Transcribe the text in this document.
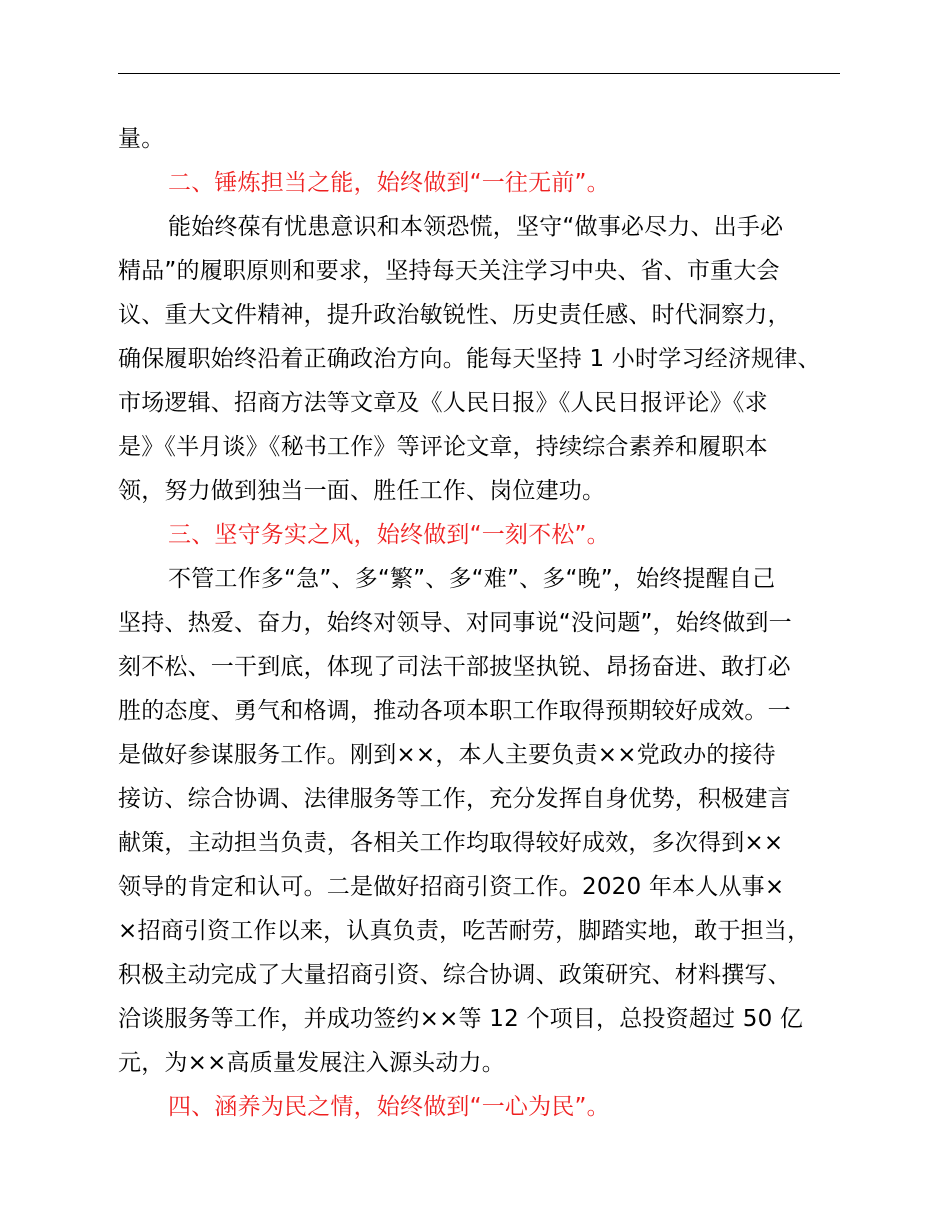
量。
二、锤炼担当之能，始终做到“一往无前”。
能始终葆有忧患意识和本领恐慌，坚守“做事必尽力、出手必
精品”的履职原则和要求，坚持每天关注学习中央、省、市重大会
议、重大文件精神，提升政治敏锐性、历史责任感、时代洞察力，
确保履职始终沿着正确政治方向。能每天坚持 1 小时学习经济规律、
市场逻辑、招商方法等文章及《人民日报》《人民日报评论》《求
是》《半月谈》《秘书工作》等评论文章，持续综合素养和履职本
领，努力做到独当一面、胜任工作、岗位建功。
三、坚守务实之风，始终做到“一刻不松”。
不管工作多“急”、多“繁”、多“难”、多“晚”，始终提醒自己
坚持、热爱、奋力，始终对领导、对同事说“没问题”，始终做到一
刻不松、一干到底，体现了司法干部披坚执锐、昂扬奋进、敢打必
胜的态度、勇气和格调，推动各项本职工作取得预期较好成效。一
是做好参谋服务工作。刚到××，本人主要负责××党政办的接待
接访、综合协调、法律服务等工作，充分发挥自身优势，积极建言
献策，主动担当负责，各相关工作均取得较好成效，多次得到××
领导的肯定和认可。二是做好招商引资工作。2020 年本人从事×
×招商引资工作以来，认真负责，吃苦耐劳，脚踏实地，敢于担当，
积极主动完成了大量招商引资、综合协调、政策研究、材料撰写、
洽谈服务等工作，并成功签约××等 12 个项目，总投资超过 50 亿
元，为××高质量发展注入源头动力。
四、涵养为民之情，始终做到“一心为民”。
